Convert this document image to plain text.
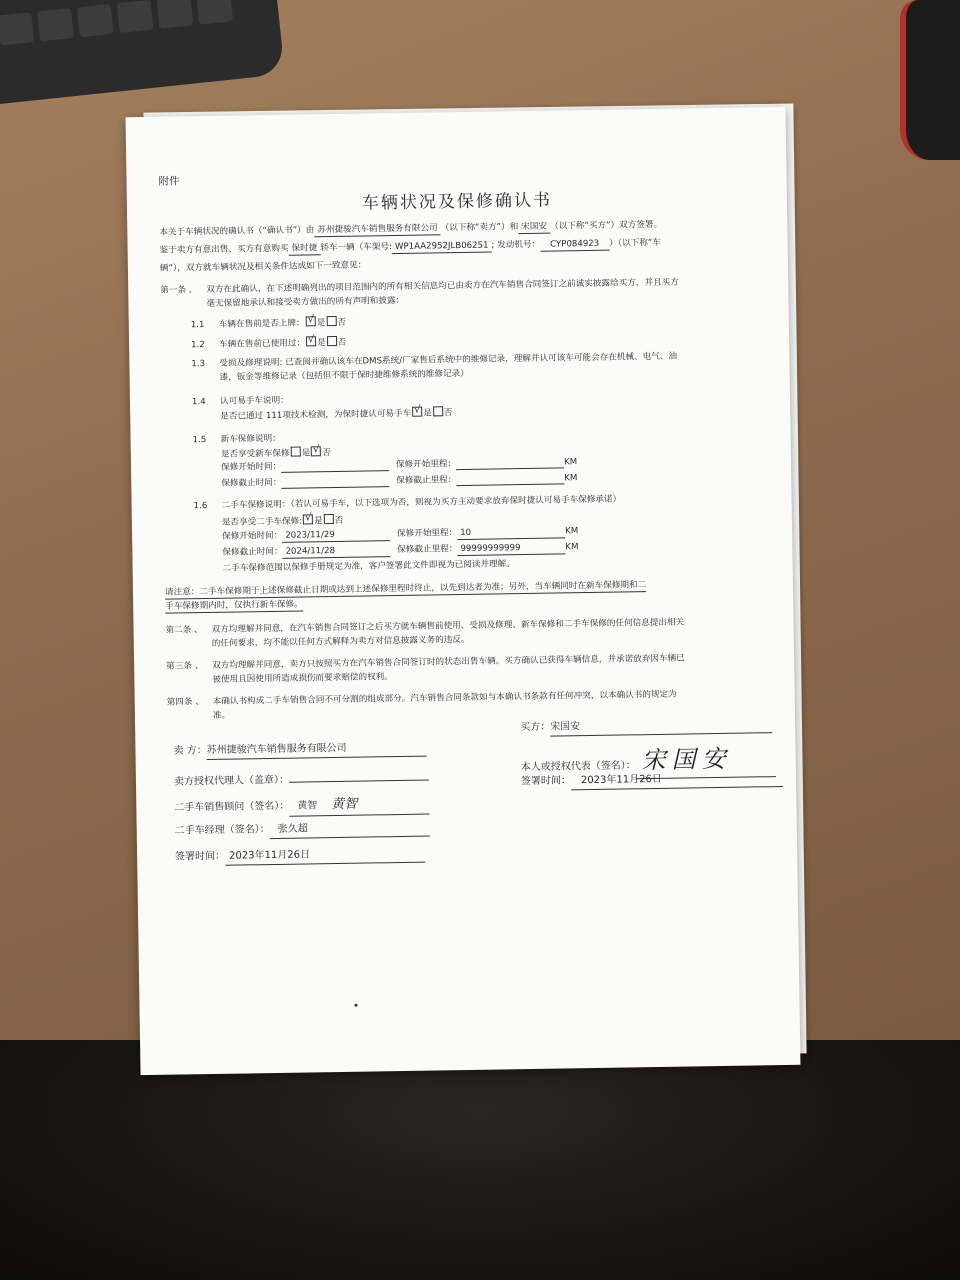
附件
车辆状况及保修确认书
本关于车辆状况的确认书（“确认书”）由 苏州捷骏汽车销售服务有限公司 （以下称“卖方”）和 宋国安 （以下称“买方”）双方签署。
鉴于卖方有意出售、买方有意购买 保时捷 轿车一辆（车架号: WP1AA2952JLB06251 ; 发动机号： CYP084923 ）（以下称“车
辆”），双方就车辆状况及相关条件达成如下一致意见：
第一条 、 双方在此确认，在下述明确列出的项目范围内的所有相关信息均已由卖方在汽车销售合同签订之前诚实披露给买方，并且买方
毫无保留地承认和接受卖方做出的所有声明和披露：
1.1 车辆在售前是否上牌： √ 是 否
1.2 车辆在售前已使用过： √ 是 否
1.3 受损及修理说明: 已查阅并确认该车在DMS系统/厂家售后系统中的维修记录，理解并认可该车可能会存在机械、电气、油
漆，钣金等维修记录（包括但不限于保时捷维修系统的维修记录）
1.4 认可易手车说明：
是否已通过 111项技术检测，为保时捷认可易手车 √ 是 否
1.5 新车保修说明：
是否享受新车保修 是 √ 否
保修开始时间：	保修开始里程：	KM
保修截止时间：	保修截止里程：	KM
1.6 二手车保修说明：（若认可易手车，以下选项为否，则视为买方主动要求放弃保时捷认可易手车保修承诺）
是否享受二手车保修: √ 是 否
保修开始时间： 2023/11/29	保修开始里程： 10	KM
保修截止时间： 2024/11/28	保修截止里程： 99999999999	KM
二手车保修范围以保修手册规定为准，客户签署此文件即视为已阅读并理解。
请注意：二手车保修期于上述保修截止日期或达到上述保修里程时终止，以先到达者为准；另外，当车辆同时在新车保修期和二
手车保修期内时，仅执行新车保修。
第二条 、 双方均理解并同意，在汽车销售合同签订之后买方就车辆售前使用、受损及修理、新车保修和二手车保修的任何信息提出相关
的任何要求，均不能以任何方式解释为卖方对信息披露义务的违反。
第三条 、 双方均理解并同意，卖方只按照买方在汽车销售合同签订时的状态出售车辆。买方确认已获得车辆信息，并承诺放弃因车辆已
被使用且因使用所造成损伤而要求赔偿的权利。
第四条 、 本确认书构成二手车销售合同不可分割的组成部分。汽车销售合同条款如与本确认书条款有任何冲突，以本确认书的规定为
准。
卖 方：苏州捷骏汽车销售服务有限公司
卖方授权代理人（盖章）：
二手车销售顾问（签名）： 黄智 黄智
二手车经理（签名）： 张久超
签署时间： 2023年11月26日
买方：宋国安
本人或授权代表（签名）： 宋国安
签署时间： 2023年11月26日
